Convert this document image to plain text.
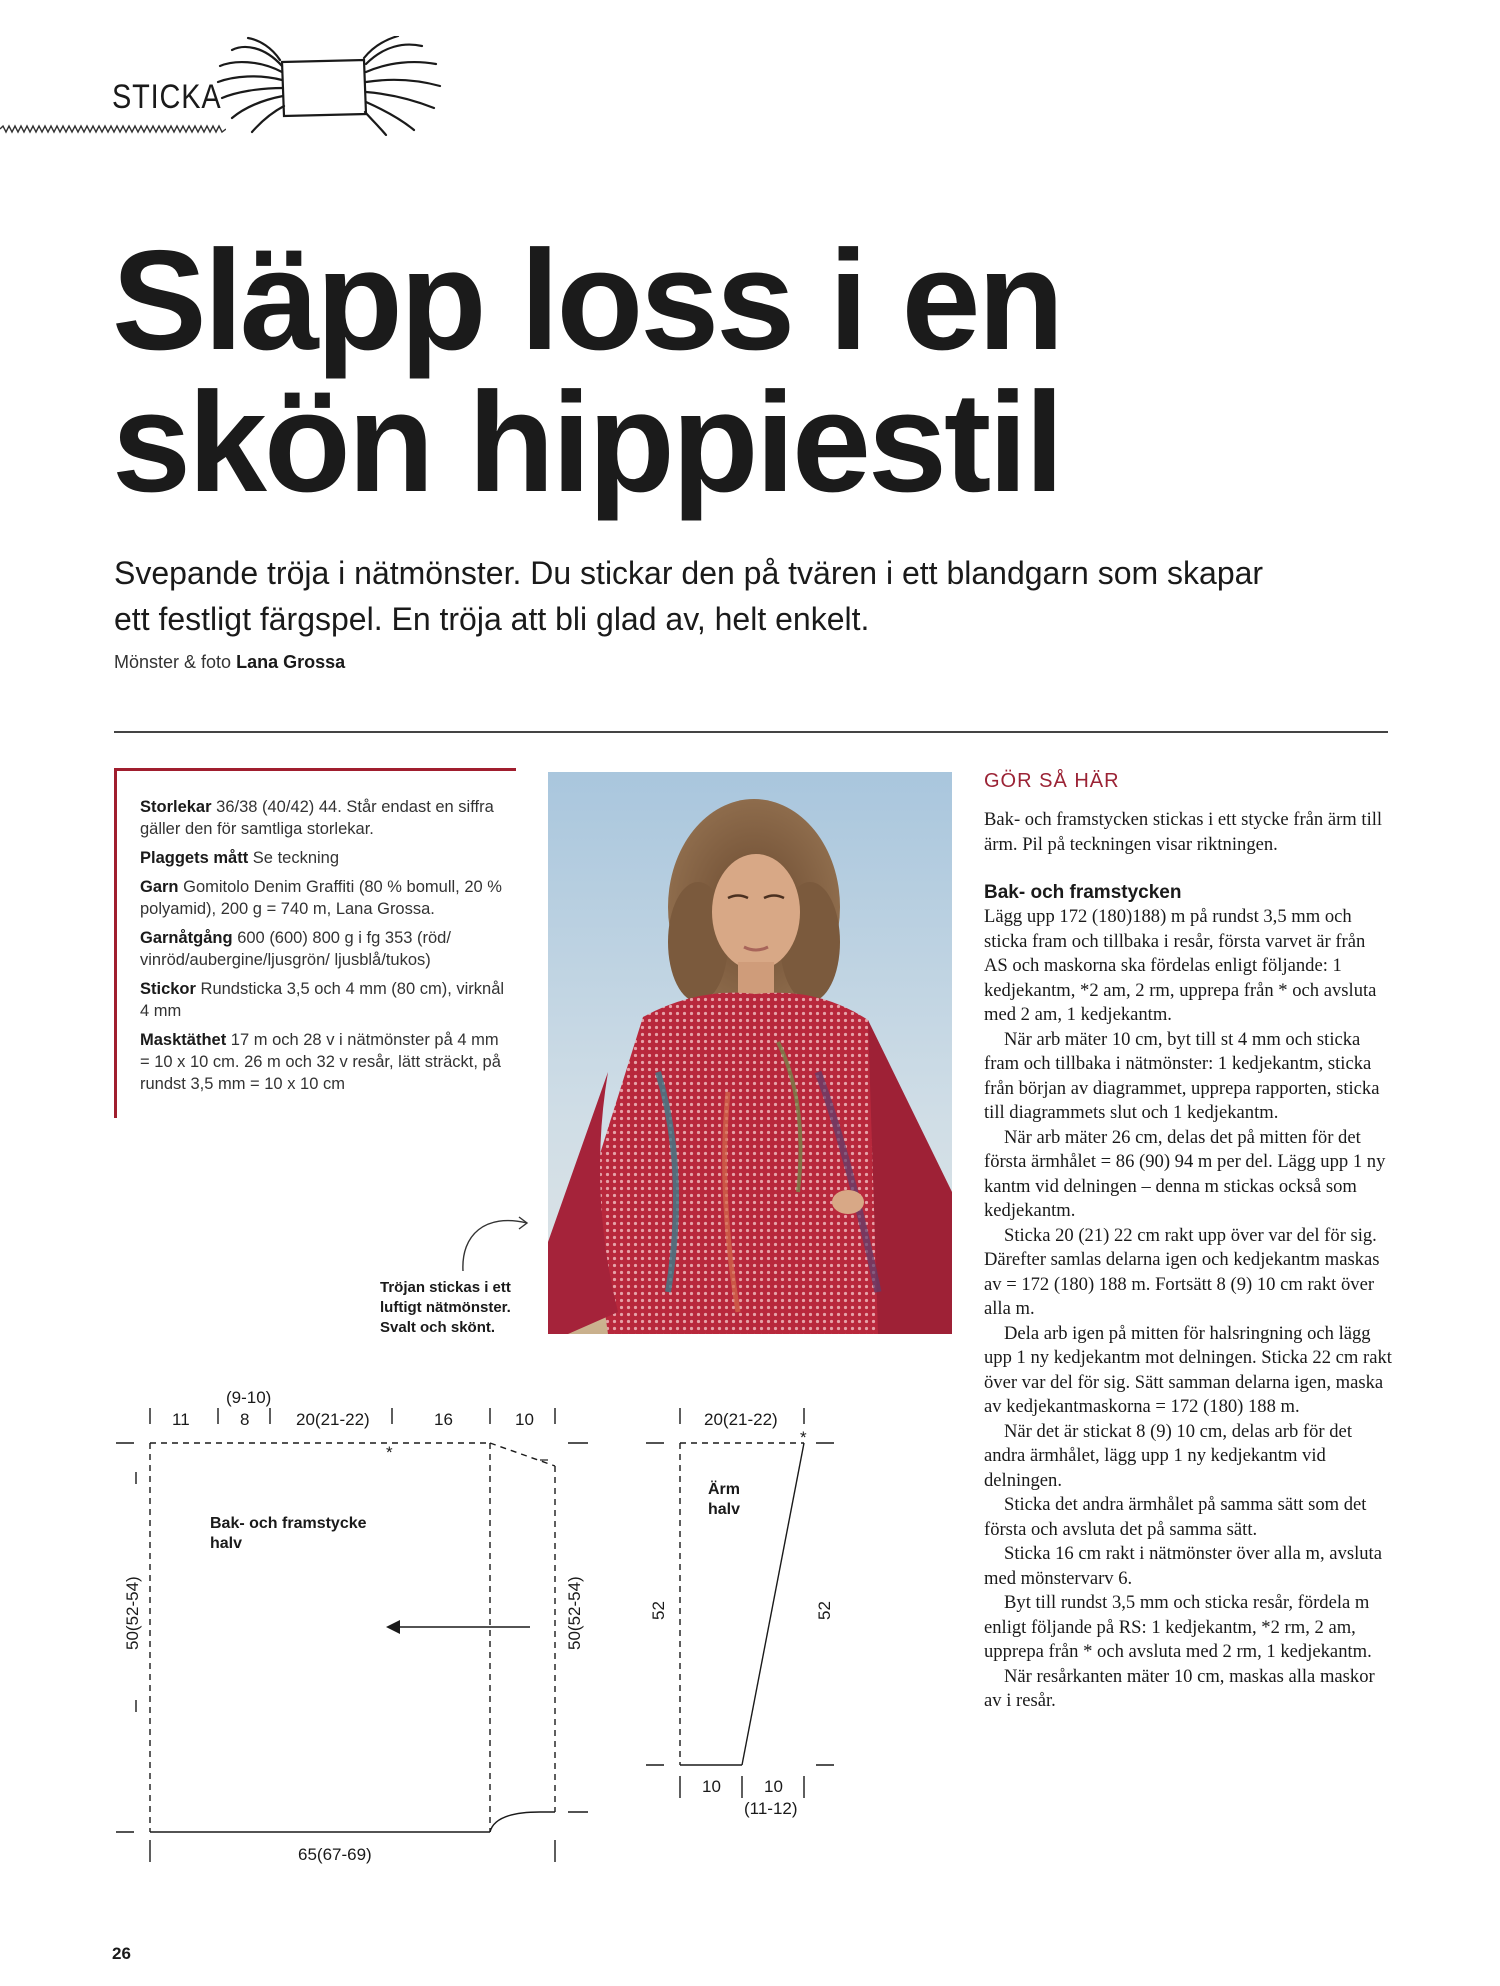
STICKA
Släpp loss i en
skön hippiestil
Svepande tröja i nätmönster. Du stickar den på tvären i ett blandgarn som skapar ett festligt färgspel. En tröja att bli glad av, helt enkelt.
Mönster & foto Lana Grossa
Storlekar 36/38 (40/42) 44. Står endast en siffra gäller den för samtliga storlekar.
Plaggets mått Se teckning
Garn Gomitolo Denim Graffiti (80 % bomull, 20 % polyamid), 200 g = 740 m, Lana Grossa.
Garnåtgång 600 (600) 800 g i fg 353 (röd/ vinröd/aubergine/ljusgrön/ ljusblå/tukos)
Stickor Rundsticka 3,5 och 4 mm (80 cm), virknål 4 mm
Masktäthet 17 m och 28 v i nätmönster på 4 mm = 10 x 10 cm. 26 m och 32 v resår, lätt sträckt, på rundst 3,5 mm = 10 x 10 cm
Tröjan stickas i ett luftigt nätmönster. Svalt och skönt.
(9-10)
11	8	20(21-22)	16	10
*
Bak- och framstycke halv
50(52-54)	50(52-54)
65(67-69)
20(21-22)
*
Ärm
halv
52	52
10	10
(11-12)
GÖR SÅ HÄR

Bak- och framstycken stickas i ett stycke från ärm till ärm. Pil på teckningen visar riktningen.

Bak- och framstycken

Lägg upp 172 (180)188) m på rundst 3,5 mm och sticka fram och tillbaka i resår, första varvet är från AS och maskorna ska fördelas enligt följande: 1 kedjekantm, *2 am, 2 rm, upprepa från * och avsluta med 2 am, 1 kedjekantm.

När arb mäter 10 cm, byt till st 4 mm och sticka fram och tillbaka i nätmönster: 1 kedjekantm, sticka från början av diagrammet, upprepa rapporten, sticka till diagrammets slut och 1 kedjekantm.

När arb mäter 26 cm, delas det på mitten för det första ärmhålet = 86 (90) 94 m per del. Lägg upp 1 ny kantm vid delningen – denna m stickas också som kedjekantm.

Sticka 20 (21) 22 cm rakt upp över var del för sig. Därefter samlas delarna igen och kedjekantm maskas av = 172 (180) 188 m. Fortsätt 8 (9) 10 cm rakt över alla m.

Dela arb igen på mitten för halsringning och lägg upp 1 ny kedjekantm mot delningen. Sticka 22 cm rakt över var del för sig. Sätt samman delarna igen, maska av kedjekantmaskorna = 172 (180) 188 m.

När det är stickat 8 (9) 10 cm, delas arb för det andra ärmhålet, lägg upp 1 ny kedjekantm vid delningen.

Sticka det andra ärmhålet på samma sätt som det första och avsluta det på samma sätt.

Sticka 16 cm rakt i nätmönster över alla m, avsluta med mönstervarv 6.

Byt till rundst 3,5 mm och sticka resår, fördela m enligt följande på RS: 1 kedjekantm, *2 rm, 2 am, upprepa från * och avsluta med 2 rm, 1 kedjekantm.

När resårkanten mäter 10 cm, maskas alla maskor av i resår.

26
